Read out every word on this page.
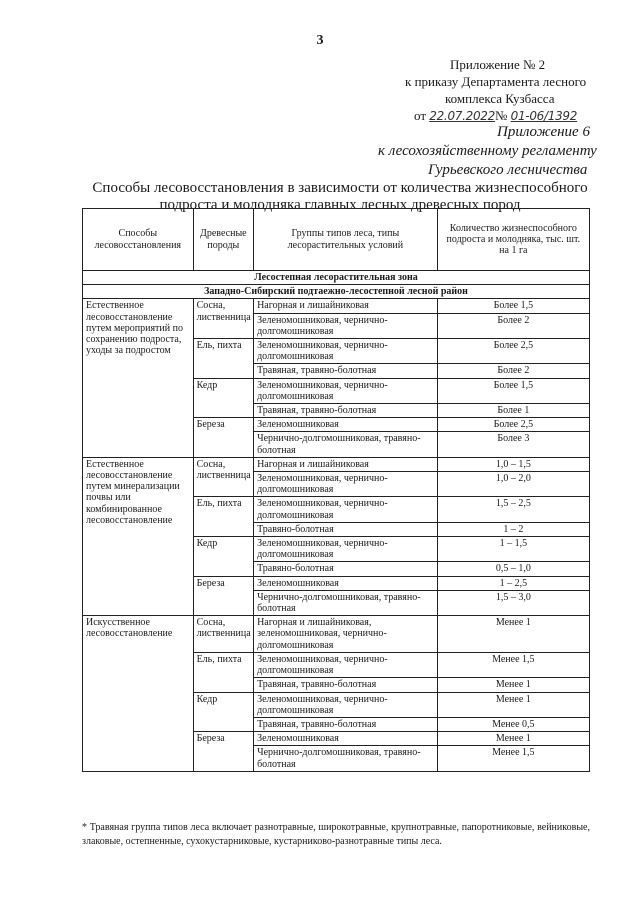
3
Приложение № 2
к приказу Департамента лесного
комплекса Кузбасса
от 22.07.2022№ 01-06/1392
Приложение 6
к лесохозяйственному регламенту
Гурьевского лесничества
Способы лесовосстановления в зависимости от количества жизнеспособного
подроста и молодняка главных лесных древесных пород
Способы лесовосстановления	Древесные породы	Группы типов леса, типы лесорастительных условий	Количество жизнеспособного подроста и молодняка, тыс. шт. на 1 га
Лесостепная лесорастительная зона			
Западно-Сибирский подтаежно-лесостепной лесной район			
Естественное лесовосстановление путем мероприятий по сохранению подроста, уходы за подростом	Сосна, лиственница	Нагорная и лишайниковая	Более 1,5
		Зеленомошниковая, чернично-долгомошниковая	Более 2
	Ель, пихта	Зеленомошниковая, чернично-долгомошниковая	Более 2,5
		Травяная, травяно-болотная	Более 2
	Кедр	Зеленомошниковая, чернично-долгомошниковая	Более 1,5
		Травяная, травяно-болотная	Более 1
	Береза	Зеленомошниковая	Более 2,5
		Чернично-долгомошниковая, травяно-болотная	Более 3
Естественное лесовосстановление путем минерализации почвы или комбинированное лесовосстановление	Сосна, лиственница	Нагорная и лишайниковая	1,0 – 1,5
		Зеленомошниковая, чернично-долгомошниковая	1,0 – 2,0
	Ель, пихта	Зеленомошниковая, чернично-долгомошниковая	1,5 – 2,5
		Травяно-болотная	1 – 2
	Кедр	Зеленомошниковая, чернично-долгомошниковая	1 – 1,5
		Травяно-болотная	0,5 – 1,0
	Береза	Зеленомошниковая	1 – 2,5
		Чернично-долгомошниковая, травяно-болотная	1,5 – 3,0
Искусственное лесовосстановление	Сосна, лиственница	Нагорная и лишайниковая, зеленомошниковая, чернично-долгомошниковая	Менее 1
	Ель, пихта	Зеленомошниковая, чернично-долгомошниковая	Менее 1,5
		Травяная, травяно-болотная	Менее 1
	Кедр	Зеленомошниковая, чернично-долгомошниковая	Менее 1
		Травяная, травяно-болотная	Менее 0,5
	Береза	Зеленомошниковая	Менее 1
		Чернично-долгомошниковая, травяно-болотная	Менее 1,5
* Травяная группа типов леса включает разнотравные, широкотравные, крупнотравные, папоротниковые, вейниковые, злаковые, остепненные, сухокустарниковые, кустарниково-разнотравные типы леса.
